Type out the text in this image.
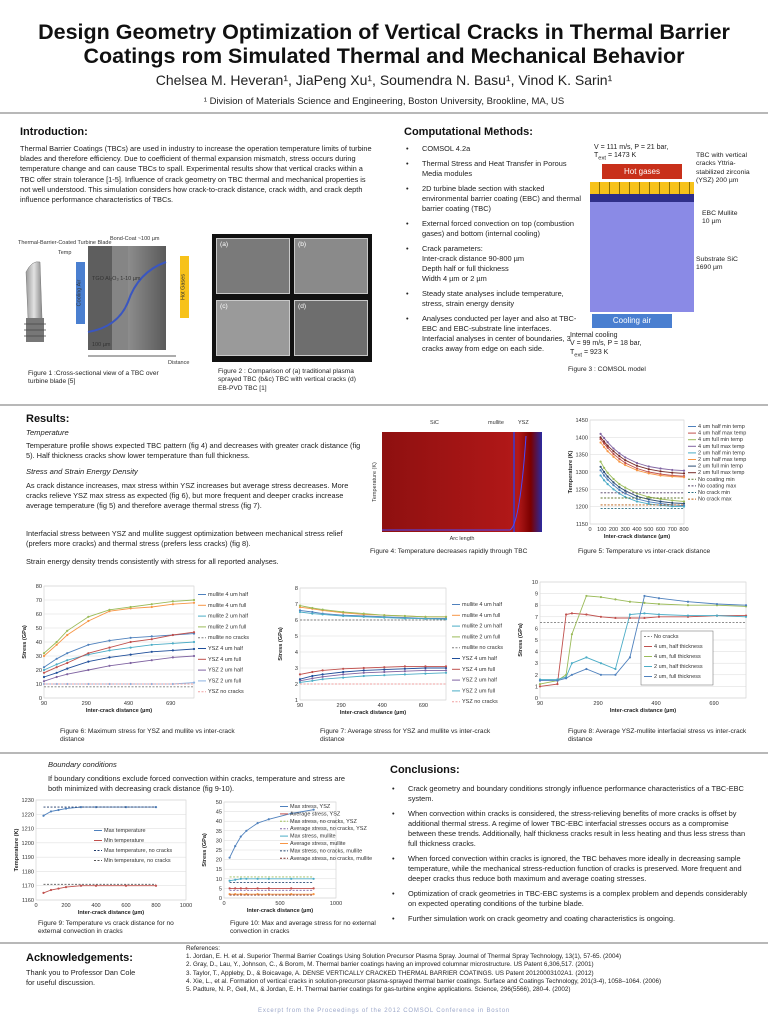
Design Geometry Optimization of Vertical Cracks in Thermal Barrier
Coatings rom Simulated Thermal and Mechanical Behavior
Chelsea M. Heveran¹, JiaPeng Xu¹, Soumendra N. Basu¹, Vinod K. Sarin¹
¹ Division of Materials Science and Engineering, Boston University, Brookline, MA, US
Introduction:
Thermal Barrier Coatings (TBCs) are used in industry to increase the operation temperature limits of turbine blades and therefore efficiency. Due to coefficient of thermal expansion mismatch, stress occurs during temperature change and can cause TBCs to spall. Experimental results show that vertical cracks within a TBC offer strain tolerance [1-5]. Influence of crack geometry on TBC thermal and mechanical properties is not well understood. This simulation considers how crack-to-crack distance, crack width, and crack depth influence performance characteristics of TBCs.
Cooling Air	Hot Gases
Distance
Temp
Thermal-Barrier-Coated Turbine Blade
Bond-Coat ~100 µm
TGO Al₂O₃ 1-10 µm
100 µm
Figure 1 :Cross-sectional view of a TBC over turbine blade [5]
(a)	(b)
(c)	(d)
Figure 2 : Comparison of (a) traditional plasma sprayed TBC (b&c) TBC with vertical cracks (d) EB-PVD TBC [1]
Computational Methods:
• COMSOL 4.2a
• Thermal Stress and Heat Transfer in Porous Media modules
• 2D turbine blade section with stacked environmental barrier coating (EBC) and thermal barrier coating (TBC)
• External forced convection on top (combustion gases) and bottom (internal cooling)
• Crack parameters:
Inter-crack distance 90-800 µm
Depth half or full thickness
Width 4 µm or 2 µm
• Steady state analyses include temperature, stress, strain energy density
• Analyses conducted per layer and also at TBC-EBC and EBC-substrate line interfaces. Interfacial analyses in center of boundaries, 3 cracks away from edge on each side.
V = 111 m/s, P = 21 bar,
$T_{ext} = 1473$ K
Hot gases
TBC with vertical cracks Yttria-stabilized zirconia (YSZ) 200 µm
EBC Mullite 10 µm
Substrate SiC 1690 µm
Cooling air
Internal cooling
V = 99 m/s, P = 18 bar,
$T_{ext} = 923$ K
Figure 3 : COMSOL model
Results:
Temperature
Temperature profile shows expected TBC pattern (fig 4) and decreases with greater crack distance (fig 5). Half thickness cracks show lower temperature than full thickness.
Stress and Strain Energy Density
As crack distance increases, max stress within YSZ increases but average stress decreases. More cracks relieve YSZ max stress as expected (fig 6), but more frequent and deeper cracks increase average temperature (fig 5) and therefore average thermal stress (fig 7).
Interfacial stress between YSZ and mullite suggest optimization between mechanical stress relief (prefers more cracks) and thermal stress (prefers less cracks) (fig 8).
Strain energy density trends consistently with stress for all reported analyses.
SiC	mullite	YSZ
Temperature (K)
Arc length
Figure 4: Temperature decreases rapidly through TBC
1150
1200
1250
1300
1350
1400
1450
0 100 200 300 400 500 600 700 800
Inter-crack distance (µm)
Temperature (K)
4 um half min temp
4 um half max temp
4 um full min temp
4 um full max temp
2 um half min temp
2 um half max temp
2 um full min temp
2 um full max temp
No coating min
No coating max
No crack min
No crack max
Figure 5: Temperature vs inter-crack distance
0
10
20
30
40
50
60
70
80
90	290	490	690
Inter-crack distance (µm)
Stress (GPa)
mullite 4 um half
mullite 4 um full
mullite 2 um half
mullite 2 um full
mullite no cracks
YSZ 4 um half
YSZ 4 um full
YSZ 2 um half
YSZ 2 um full
YSZ no cracks
Figure 6: Maximum stress for YSZ and mullite vs inter-crack distance
1
2
3
4
5
6
7
8
90	290	490	690
Inter-crack distance (µm)
Stress (GPa)
mullite 4 um half
mullite 4 um full
mullite 2 um half
mullite 2 um full
mullite no cracks
YSZ 4 um half
YSZ 4 um full
YSZ 2 um half
YSZ 2 um full
YSZ no cracks
Figure 7: Average stress for YSZ and mullite vs inter-crack distance
0
1
2
3
4
5
6
7
8
9
10
90	290	490	690
Inter-crack distance (µm)
Stress (GPa)	No cracks
4 um, half thickness
4 um, full thickness
2 um, half thickness
2 um, full thickness
Figure 8: Average YSZ-mullite interfacial stress vs inter-crack distance
Boundary conditions
If boundary conditions exclude forced convection within cracks, temperature and stress are both minimized with decreasing crack distance (fig 9-10).
1160
1170
1180
1190
1200
1210
1220
1230
0	200	400	600	800	1000
Inter-crack distance (µm)
Temperature (K)	Max temperature
Min temperature
Max temperature, no cracks
Min temperature, no cracks
Figure 9: Temperature vs crack distance for no external convection in cracks
0
5
10
15
20
25
30
35
40
45
50
0	500	1000
Inter-crack distance (µm)
Stress (GPa)
Max stress, YSZ
Average stress, YSZ
Max stress, no cracks, YSZ
Average stress, no cracks, YSZ
Max stress, mullite
Average stress, mullite
Max stress, no cracks, mullite
Average stress, no cracks, mullite
Figure 10: Max and average stress for no external convection in cracks
Conclusions:
• Crack geometry and boundary conditions strongly influence performance characteristics of a TBC-EBC system.
• When convection within cracks is considered, the stress-relieving benefits of more cracks is offset by additional thermal stress. A regime of lower TBC-EBC interfacial stresses occurs as a compromise between these trends. Additionally, half thickness cracks result in less heating and thus less stress than full thickness cracks.
• When forced convection within cracks is ignored, the TBC behaves more ideally in decreasing sample temperature, while the mechanical stress-reduction function of cracks is preserved. More frequent and deeper cracks thus reduce both maximum and average coating stresses.
• Optimization of crack geometries in TBC-EBC systems is a complex problem and depends considerably on expected operating conditions of the turbine blade.
• Further simulation work on crack geometry and coating characteristics is ongoing.
Acknowledgements:
Thank you to Professor Dan Cole for useful discussion.
References:
1. Jordan, E. H. et al. Superior Thermal Barrier Coatings Using Solution Precursor Plasma Spray. Journal of Thermal Spray Technology, 13(1), 57-65. (2004)
2. Gray, D., Lau, Y., Johnson, C., & Borom, M. Thermal barrier coatings having an improved columnar microstructure. US Patent 6,306,517. (2001)
3. Taylor, T., Appleby, D., & Boicavage, A. DENSE VERTICALLY CRACKED THERMAL BARRIER COATINGS. US Patent 20120003102A1. (2012)
4. Xie, L., et al. Formation of vertical cracks in solution-precursor plasma-sprayed thermal barrier coatings. Surface and Coatings Technology, 201(3-4), 1058–1064. (2006)
5. Padture, N. P., Gell, M., & Jordan, E. H. Thermal barrier coatings for gas-turbine engine applications. Science, 296(5566), 280-4. (2002)
Excerpt from the Proceedings of the 2012 COMSOL Conference in Boston
